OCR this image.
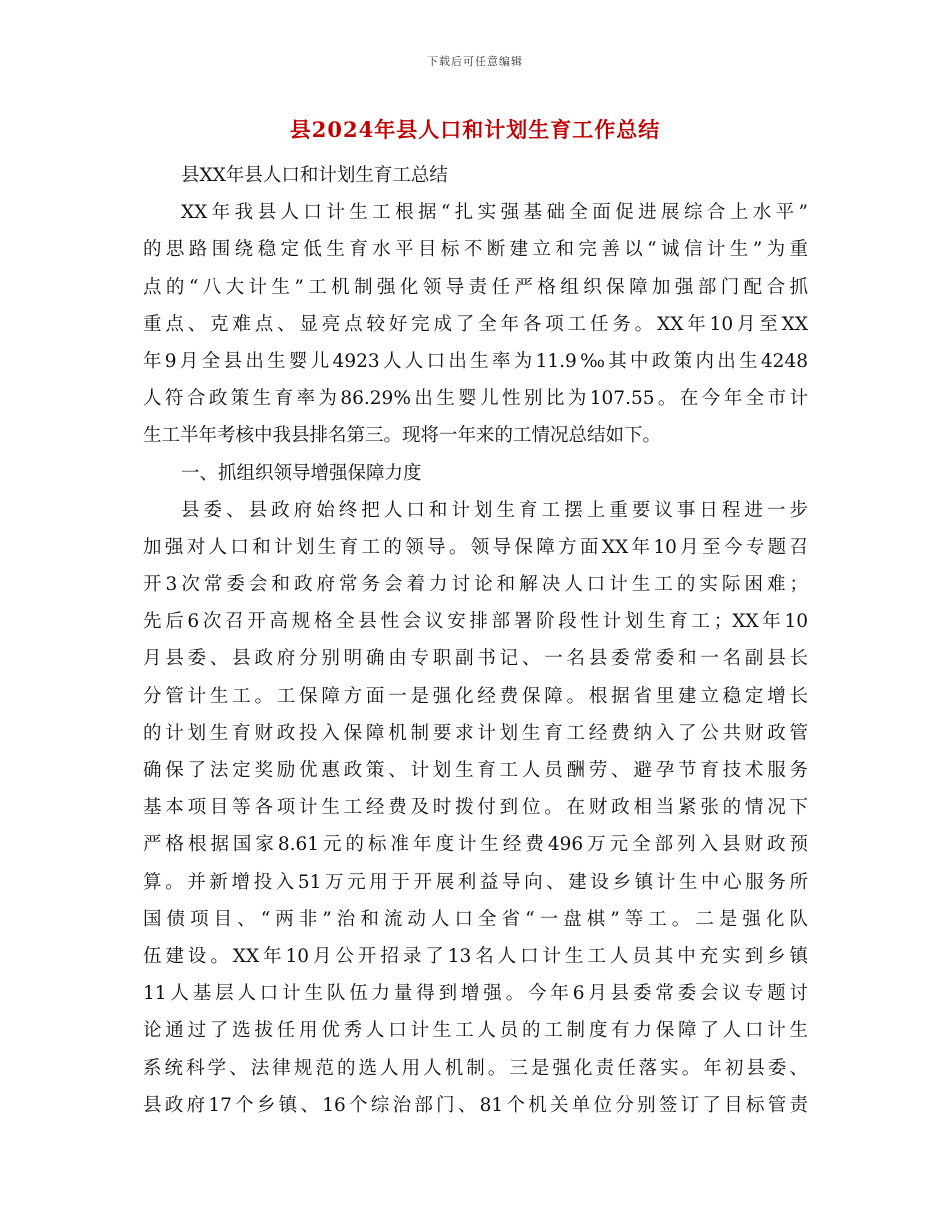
下载后可任意编辑
县2024年县人口和计划生育工作总结
县XX年县人口和计划生育工总结
XX年我县人口计生工根据“扎实强基础全面促进展综合上水平”
的思路围绕稳定低生育水平目标不断建立和完善以“诚信计生”为重
点的“八大计生”工机制强化领导责任严格组织保障加强部门配合抓
重点、克难点、显亮点较好完成了全年各项工任务。XX年10月至XX
年9月全县出生婴儿4923人人口出生率为11.9‰其中政策内出生4248
人符合政策生育率为86.29%出生婴儿性别比为107.55。在今年全市计
生工半年考核中我县排名第三。现将一年来的工情况总结如下。
一、抓组织领导增强保障力度
县委、县政府始终把人口和计划生育工摆上重要议事日程进一步
加强对人口和计划生育工的领导。领导保障方面XX年10月至今专题召
开3次常委会和政府常务会着力讨论和解决人口计生工的实际困难；
先后6次召开高规格全县性会议安排部署阶段性计划生育工；XX年10
月县委、县政府分别明确由专职副书记、一名县委常委和一名副县长
分管计生工。工保障方面一是强化经费保障。根据省里建立稳定增长
的计划生育财政投入保障机制要求计划生育工经费纳入了公共财政管
确保了法定奖励优惠政策、计划生育工人员酬劳、避孕节育技术服务
基本项目等各项计生工经费及时拨付到位。在财政相当紧张的情况下
严格根据国家8.61元的标准年度计生经费496万元全部列入县财政预
算。并新增投入51万元用于开展利益导向、建设乡镇计生中心服务所
国债项目、“两非”治和流动人口全省“一盘棋”等工。二是强化队
伍建设。XX年10月公开招录了13名人口计生工人员其中充实到乡镇
11人基层人口计生队伍力量得到增强。今年6月县委常委会议专题讨
论通过了选拔任用优秀人口计生工人员的工制度有力保障了人口计生
系统科学、法律规范的选人用人机制。三是强化责任落实。年初县委、
县政府17个乡镇、16个综治部门、81个机关单位分别签订了目标管责
